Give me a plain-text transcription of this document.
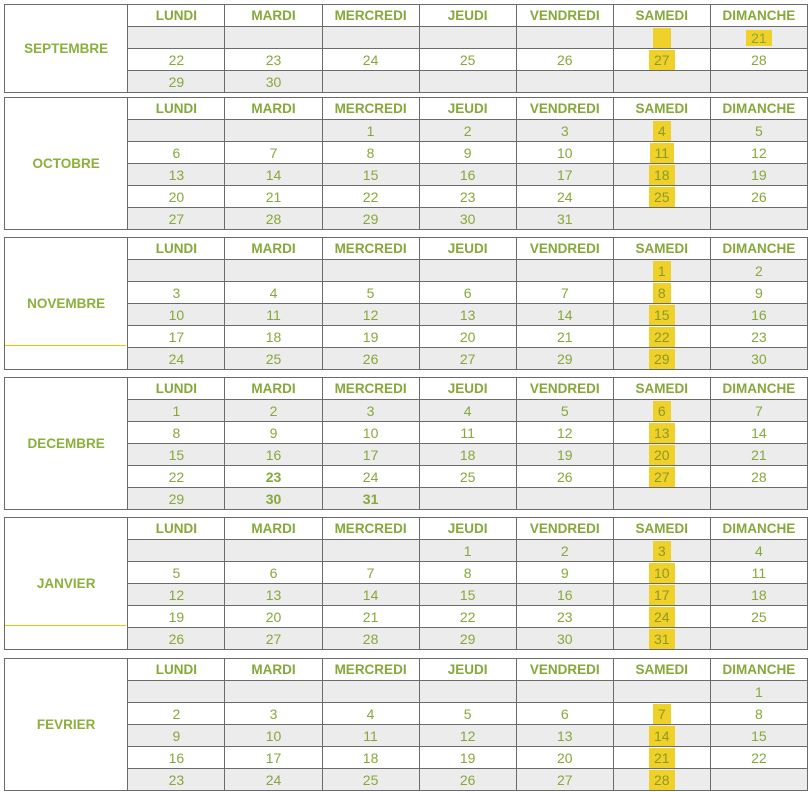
SEPTEMBRE	LUNDI	MARDI	MERCREDI	JEUDI	VENDREDI	SAMEDI	DIMANCHE
							21
	22	23	24	25	26	27	28
	29	30					
OCTOBRE	LUNDI	MARDI	MERCREDI	JEUDI	VENDREDI	SAMEDI	DIMANCHE
			1	2	3	4	5
	6	7	8	9	10	11	12
	13	14	15	16	17	18	19
	20	21	22	23	24	25	26
	27	28	29	30	31		
NOVEMBRE	LUNDI	MARDI	MERCREDI	JEUDI	VENDREDI	SAMEDI	DIMANCHE
						1	2
	3	4	5	6	7	8	9
	10	11	12	13	14	15	16
	17	18	19	20	21	22	23
	24	25	26	27	29	29	30
DECEMBRE	LUNDI	MARDI	MERCREDI	JEUDI	VENDREDI	SAMEDI	DIMANCHE
	1	2	3	4	5	6	7
	8	9	10	11	12	13	14
	15	16	17	18	19	20	21
	22	23	24	25	26	27	28
	29	30	31				
JANVIER	LUNDI	MARDI	MERCREDI	JEUDI	VENDREDI	SAMEDI	DIMANCHE
				1	2	3	4
	5	6	7	8	9	10	11
	12	13	14	15	16	17	18
	19	20	21	22	23	24	25
	26	27	28	29	30	31	
FEVRIER	LUNDI	MARDI	MERCREDI	JEUDI	VENDREDI	SAMEDI	DIMANCHE
							1
	2	3	4	5	6	7	8
	9	10	11	12	13	14	15
	16	17	18	19	20	21	22
	23	24	25	26	27	28	
